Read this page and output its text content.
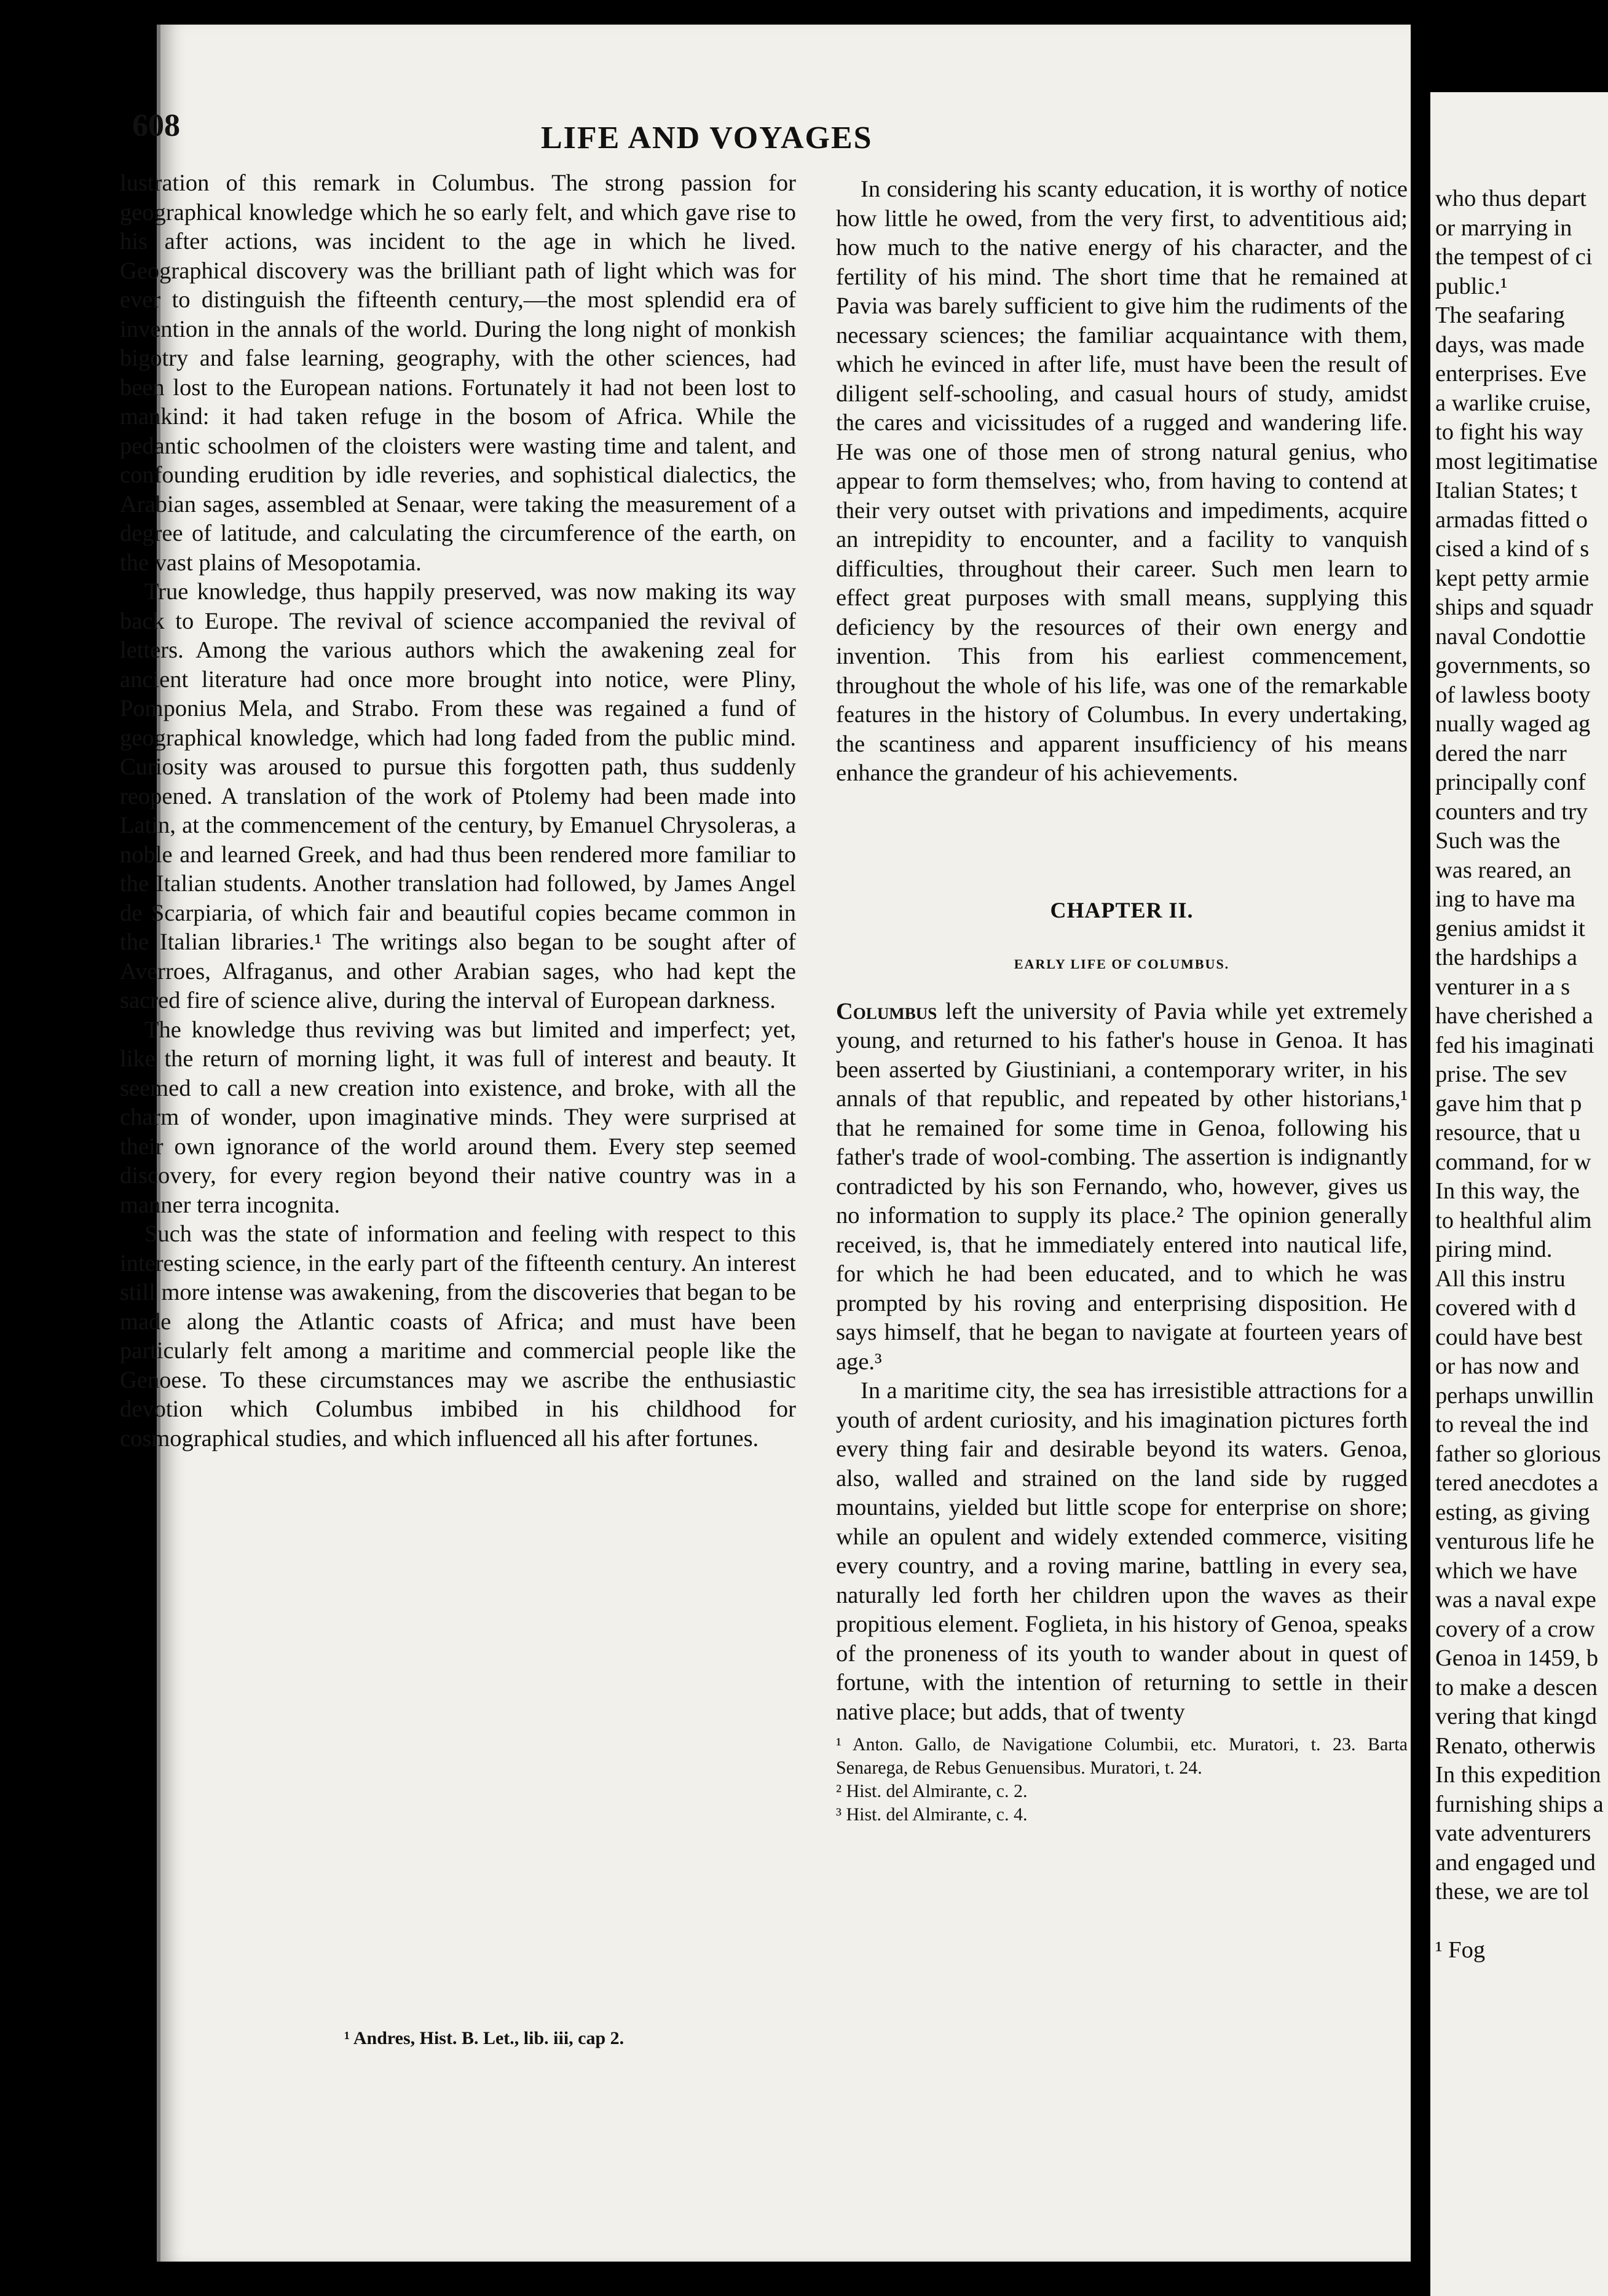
608	LIFE AND VOYAGES

lustration of this remark in Columbus. The strong passion for geographical knowledge which he so early felt, and which gave rise to his after actions, was incident to the age in which he lived. Geographical discovery was the brilliant path of light which was for ever to distinguish the fifteenth century,—the most splendid era of invention in the annals of the world. During the long night of monkish bigotry and false learning, geography, with the other sciences, had been lost to the European nations. Fortunately it had not been lost to mankind: it had taken refuge in the bosom of Africa. While the pedantic schoolmen of the cloisters were wasting time and talent, and confounding erudition by idle reveries, and sophistical dialectics, the Arabian sages, assembled at Senaar, were taking the measurement of a degree of latitude, and calculating the circumference of the earth, on the vast plains of Mesopotamia.

True knowledge, thus happily preserved, was now making its way back to Europe. The revival of science accompanied the revival of letters. Among the various authors which the awakening zeal for ancient literature had once more brought into notice, were Pliny, Pomponius Mela, and Strabo. From these was regained a fund of geographical knowledge, which had long faded from the public mind. Curiosity was aroused to pursue this forgotten path, thus suddenly reopened. A translation of the work of Ptolemy had been made into Latin, at the commencement of the century, by Emanuel Chrysoleras, a noble and learned Greek, and had thus been rendered more familiar to the Italian students. Another translation had followed, by James Angel de Scarpiaria, of which fair and beautiful copies became common in the Italian libraries.¹ The writings also began to be sought after of Averroes, Alfraganus, and other Arabian sages, who had kept the sacred fire of science alive, during the interval of European darkness.

The knowledge thus reviving was but limited and imperfect; yet, like the return of morning light, it was full of interest and beauty. It seemed to call a new creation into existence, and broke, with all the charm of wonder, upon imaginative minds. They were surprised at their own ignorance of the world around them. Every step seemed discovery, for every region beyond their native country was in a manner terra incognita.

Such was the state of information and feeling with respect to this interesting science, in the early part of the fifteenth century. An interest still more intense was awakening, from the discoveries that began to be made along the Atlantic coasts of Africa; and must have been particularly felt among a maritime and commercial people like the Genoese. To these circumstances may we ascribe the enthusiastic devotion which Columbus imbibed in his childhood for cosmographical studies, and which influenced all his after fortunes.

¹ Andres, Hist. B. Let., lib. iii, cap 2.

In considering his scanty education, it is worthy of notice how little he owed, from the very first, to adventitious aid; how much to the native energy of his character, and the fertility of his mind. The short time that he remained at Pavia was barely sufficient to give him the rudiments of the necessary sciences; the familiar acquaintance with them, which he evinced in after life, must have been the result of diligent self-schooling, and casual hours of study, amidst the cares and vicissitudes of a rugged and wandering life. He was one of those men of strong natural genius, who appear to form themselves; who, from having to contend at their very outset with privations and impediments, acquire an intrepidity to encounter, and a facility to vanquish difficulties, throughout their career. Such men learn to effect great purposes with small means, supplying this deficiency by the resources of their own energy and invention. This from his earliest commencement, throughout the whole of his life, was one of the remarkable features in the history of Columbus. In every undertaking, the scantiness and apparent insufficiency of his means enhance the grandeur of his achievements.

CHAPTER II.
EARLY LIFE OF COLUMBUS.

Columbus left the university of Pavia while yet extremely young, and returned to his father's house in Genoa. It has been asserted by Giustiniani, a contemporary writer, in his annals of that republic, and repeated by other historians,¹ that he remained for some time in Genoa, following his father's trade of wool-combing. The assertion is indignantly contradicted by his son Fernando, who, however, gives us no information to supply its place.² The opinion generally received, is, that he immediately entered into nautical life, for which he had been educated, and to which he was prompted by his roving and enterprising disposition. He says himself, that he began to navigate at fourteen years of age.³

In a maritime city, the sea has irresistible attractions for a youth of ardent curiosity, and his imagination pictures forth every thing fair and desirable beyond its waters. Genoa, also, walled and strained on the land side by rugged mountains, yielded but little scope for enterprise on shore; while an opulent and widely extended commerce, visiting every country, and a roving marine, battling in every sea, naturally led forth her children upon the waves as their propitious element. Foglieta, in his history of Genoa, speaks of the proneness of its youth to wander about in quest of fortune, with the intention of returning to settle in their native place; but adds, that of twenty

¹ Anton. Gallo, de Navigatione Columbii, etc. Muratori, t. 23. Barta Senarega, de Rebus Genuensibus. Muratori, t. 24.
² Hist. del Almirante, c. 2.
³ Hist. del Almirante, c. 4.
who thus depart
or marrying in
the tempest of ci
public.¹
The seafaring
days, was made
enterprises. Eve
a warlike cruise,
to fight his way
most legitimatise
Italian States; t
armadas fitted o
cised a kind of s
kept petty armie
ships and squadr
naval Condottie
governments, so
of lawless booty
nually waged ag
dered the narr
principally conf
counters and try
Such was the
was reared, an
ing to have ma
genius amidst it
the hardships a
venturer in a s
have cherished a
fed his imaginati
prise. The sev
gave him that p
resource, that u
command, for w
In this way, the
to healthful alim
piring mind.
All this instru
covered with d
could have best
or has now and
perhaps unwillin
to reveal the ind
father so glorious
tered anecdotes a
esting, as giving
venturous life he
which we have
was a naval expe
covery of a crow
Genoa in 1459, b
to make a descen
vering that kingd
Renato, otherwis
In this expedition
furnishing ships a
vate adventurers
and engaged und
these, we are tol
¹ Fog
